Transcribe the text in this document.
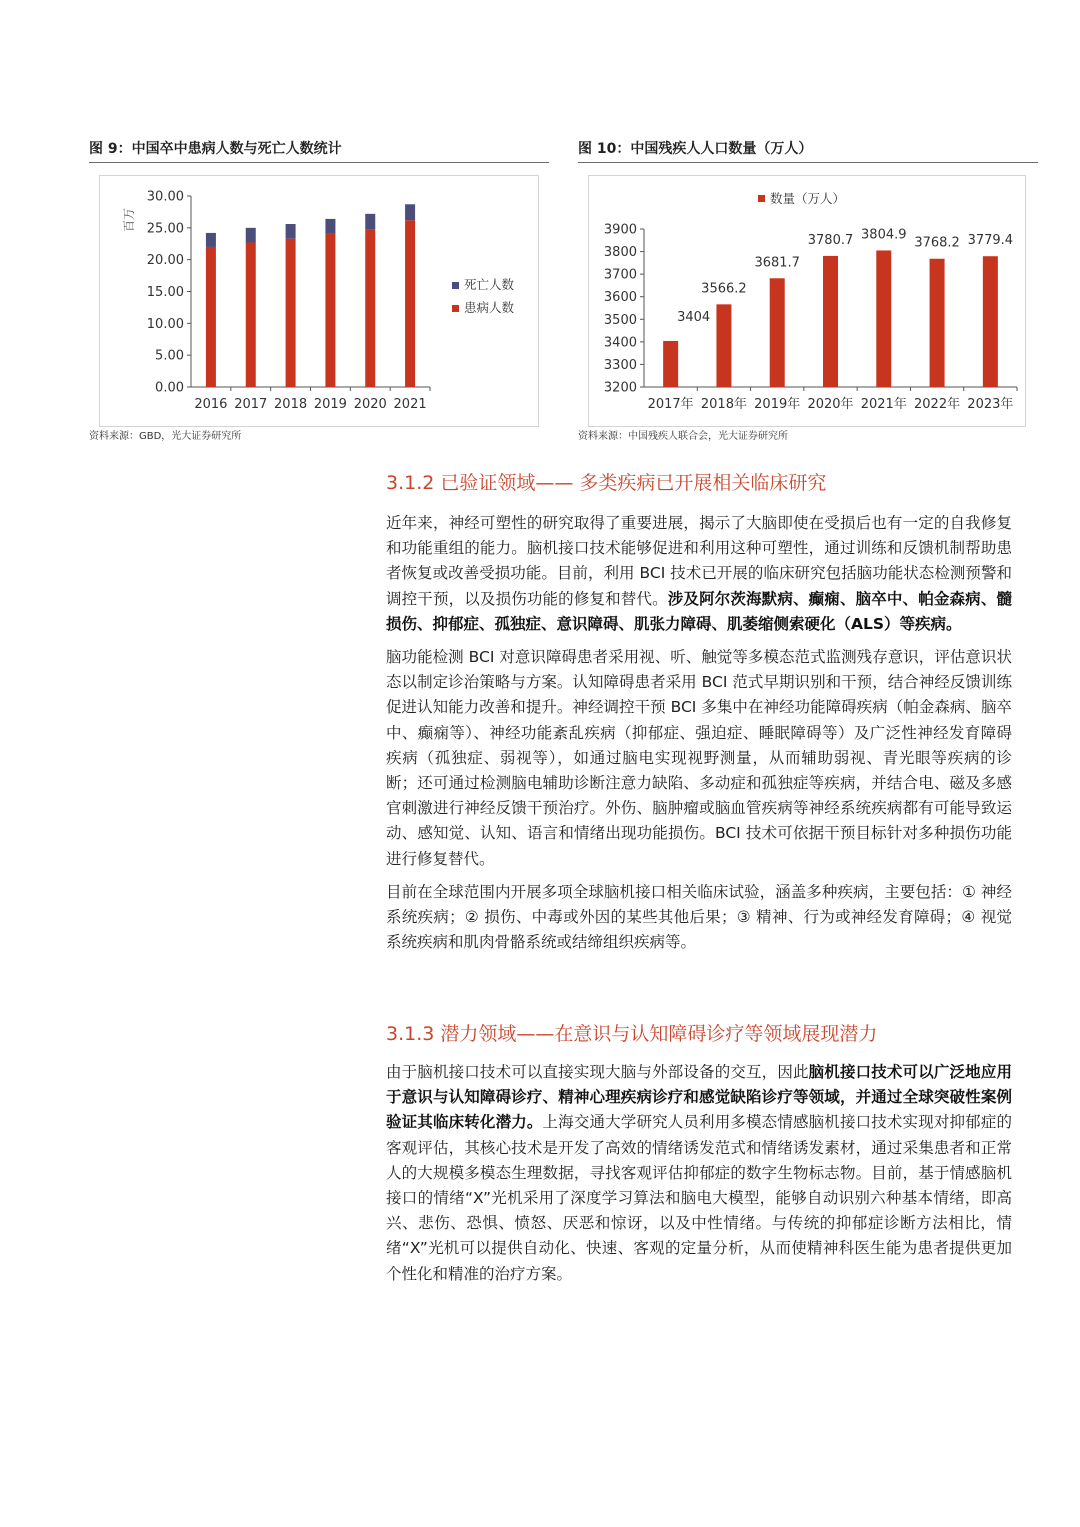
图 9：中国卒中患病人数与死亡人数统计
0.00
5.00
10.00
15.00
20.00
25.00
30.00
百万
2016 2017 2018 2019 2020 2021
死亡人数
患病人数
资料来源：GBD，光大证券研究所
图 10：中国残疾人人口数量（万人）
3200
3300
3400
3500
3600
3700
3800
3900
数量（万人）
3404
2017年
3566.2
2018年
3681.7
2019年
3780.7
2020年
3804.9
2021年
3768.2
2022年
3779.4
2023年
资料来源：中国残疾人联合会，光大证券研究所
3.1.2 已验证领域—— 多类疾病已开展相关临床研究

近年来，神经可塑性的研究取得了重要进展，揭示了大脑即使在受损后也有一定的自我修复和功能重组的能力。脑机接口技术能够促进和利用这种可塑性，通过训练和反馈机制帮助患者恢复或改善受损功能。目前，利用 BCI 技术已开展的临床研究包括脑功能状态检测预警和调控干预，以及损伤功能的修复和替代。涉及阿尔茨海默病、癫痫、脑卒中、帕金森病、髓损伤、抑郁症、孤独症、意识障碍、肌张力障碍、肌萎缩侧索硬化（ALS）等疾病。

脑功能检测 BCI 对意识障碍患者采用视、听、触觉等多模态范式监测残存意识，评估意识状态以制定诊治策略与方案。认知障碍患者采用 BCI 范式早期识别和干预，结合神经反馈训练促进认知能力改善和提升。神经调控干预 BCI 多集中在神经功能障碍疾病（帕金森病、脑卒中、癫痫等）、神经功能紊乱疾病（抑郁症、强迫症、睡眠障碍等）及广泛性神经发育障碍疾病（孤独症、弱视等），如通过脑电实现视野测量，从而辅助弱视、青光眼等疾病的诊断；还可通过检测脑电辅助诊断注意力缺陷、多动症和孤独症等疾病，并结合电、磁及多感官刺激进行神经反馈干预治疗。外伤、脑肿瘤或脑血管疾病等神经系统疾病都有可能导致运动、感知觉、认知、语言和情绪出现功能损伤。BCI 技术可依据干预目标针对多种损伤功能进行修复替代。

目前在全球范围内开展多项全球脑机接口相关临床试验，涵盖多种疾病，主要包括：① 神经系统疾病；② 损伤、中毒或外因的某些其他后果；③ 精神、行为或神经发育障碍；④ 视觉系统疾病和肌肉骨骼系统或结缔组织疾病等。

3.1.3 潜力领域——在意识与认知障碍诊疗等领域展现潜力

由于脑机接口技术可以直接实现大脑与外部设备的交互，因此脑机接口技术可以广泛地应用于意识与认知障碍诊疗、精神心理疾病诊疗和感觉缺陷诊疗等领域，并通过全球突破性案例验证其临床转化潜力。上海交通大学研究人员利用多模态情感脑机接口技术实现对抑郁症的客观评估，其核心技术是开发了高效的情绪诱发范式和情绪诱发素材，通过采集患者和正常人的大规模多模态生理数据，寻找客观评估抑郁症的数字生物标志物。目前，基于情感脑机接口的情绪“X”光机采用了深度学习算法和脑电大模型，能够自动识别六种基本情绪，即高兴、悲伤、恐惧、愤怒、厌恶和惊讶，以及中性情绪。与传统的抑郁症诊断方法相比，情绪“X”光机可以提供自动化、快速、客观的定量分析，从而使精神科医生能为患者提供更加个性化和精准的治疗方案。
